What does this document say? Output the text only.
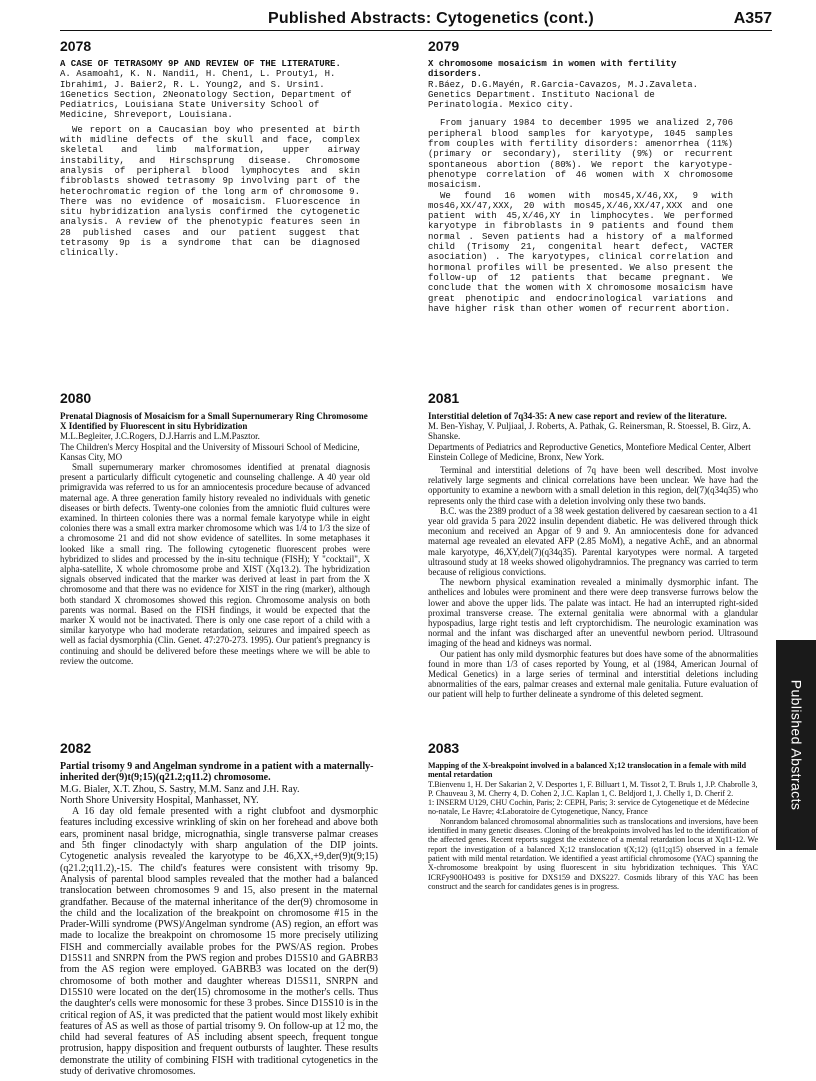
Published Abstracts: Cytogenetics (cont.)	A357
2078

A CASE OF TETRASOMY 9P AND REVIEW OF THE LITERATURE.

A. Asamoah1, K. N. Nandi1, H. Chen1, L. Prouty1, H. Ibrahim1, J. Baier2, R. L. Young2, and S. Ursin1.

1Genetics Section, 2Neonatology Section, Department of Pediatrics, Louisiana State University School of Medicine, Shreveport, Louisiana.

We report on a Caucasian boy who presented at birth with midline defects of the skull and face, complex skeletal and limb malformation, upper airway instability, and Hirschsprung disease. Chromosome analysis of peripheral blood lymphocytes and skin fibroblasts showed tetrasomy 9p involving part of the heterochromatic region of the long arm of chromosome 9. There was no evidence of mosaicism. Fluorescence in situ hybridization analysis confirmed the cytogenetic analysis. A review of the phenotypic features seen in 28 published cases and our patient suggest that tetrasomy 9p is a syndrome that can be diagnosed clinically.

2079

X chromosome mosaicism in women with fertility disorders.

R.Báez, D.G.Mayén, R.Garcia-Cavazos, M.J.Zavaleta.

Genetics Department. Instituto Nacional de Perinatología. Mexico city.

From january 1984 to december 1995 we analized 2,706 peripheral blood samples for karyotype, 1045 samples from couples with fertility disorders: amenorrhea (11%) (primary or secondary), sterility (9%) or recurrent spontaneous abortion (80%). We report the karyotype-phenotype correlation of 46 women with X chromosome mosaicism.

We found 16 women with mos45,X/46,XX, 9 with mos46,XX/47,XXX, 20 with mos45,X/46,XX/47,XXX and one patient with 45,X/46,XY in limphocytes. We performed karyotype in fibroblasts in 9 patients and found them normal . Seven patients had a history of a malformed child (Trisomy 21, congenital heart defect, VACTER asociation) . The karyotypes, clinical correlation and hormonal profiles will be presented. We also present the follow-up of 12 patients that became pregnant. We conclude that the women with X chromosome mosaicism have great phenotipic and endocrinological variations and have higher risk than other women of recurrent abortion.

2080

Prenatal Diagnosis of Mosaicism for a Small Supernumerary Ring Chromosome X Identified by Fluorescent in situ Hybridization

M.L.Begleiter, J.C.Rogers, D.J.Harris and L.M.Pasztor.

The Children's Mercy Hospital and the University of Missouri School of Medicine, Kansas City, MO

Small supernumerary marker chromosomes identified at prenatal diagnosis present a particularly difficult cytogenetic and counseling challenge. A 40 year old primigravida was referred to us for an amniocentesis procedure because of advanced maternal age. A three generation family history revealed no individuals with genetic diseases or birth defects. Twenty-one colonies from the amniotic fluid cultures were examined. In thirteen colonies there was a normal female karyotype while in eight colonies there was a small extra marker chromosome which was 1/4 to 1/3 the size of a chromosome 21 and did not show evidence of satellites. In some metaphases it looked like a small ring. The following cytogenetic fluorescent probes were hybridized to slides and processed by the in-situ technique (FISH); Y "cocktail", X alpha-satellite, X whole chromosome probe and XIST (Xq13.2). The hybridization signals observed indicated that the marker was derived at least in part from the X chromosome and that there was no evidence for XIST in the ring (marker), although both standard X chromosomes showed this region. Chromosome analysis on both parents was normal. Based on the FISH findings, it would be expected that the marker X would not be inactivated. There is only one case report of a child with a similar karyotype who had moderate retardation, seizures and impaired speech as well as facial dysmorphia (Clin. Genet. 47:270-273. 1995). Our patient's pregnancy is continuing and should be delivered before these meetings where we will be able to review the outcome.

2081

Interstitial deletion of 7q34-35: A new case report and review of the literature.

M. Ben-Yishay, V. Puljiaal, J. Roberts, A. Pathak, G. Reinersman, R. Stoessel, B. Girz, A. Shanske.

Departments of Pediatrics and Reproductive Genetics, Montefiore Medical Center, Albert Einstein College of Medicine, Bronx, New York.

Terminal and interstitial deletions of 7q have been well described. Most involve relatively large segments and clinical correlations have been unclear. We have had the opportunity to examine a newborn with a small deletion in this region, del(7)(q34q35) who represents only the third case with a deletion involving only these two bands.

B.C. was the 2389 product of a 38 week gestation delivered by caesarean section to a 41 year old gravida 5 para 2022 insulin dependent diabetic. He was delivered through thick meconium and received an Apgar of 9 and 9. An amniocentesis done for advanced maternal age revealed an elevated AFP (2.85 MoM), a negative AchE, and an abnormal male karyotype, 46,XY,del(7)(q34q35). Parental karyotypes were normal. A targeted ultrasound study at 18 weeks showed oligohydramnios. The pregnancy was carried to term because of religious convictions.

The newborn physical examination revealed a minimally dysmorphic infant. The anthelices and lobules were prominent and there were deep transverse furrows below the lower and above the upper lids. The palate was intact. He had an interrupted right-sided proximal transverse crease. The external genitalia were abnormal with a glandular hypospadius, large right testis and left cryptorchidism. The neurologic examination was normal and the infant was discharged after an uneventful newborn period. Ultrasound imaging of the head and kidneys was normal.

Our patient has only mild dysmorphic features but does have some of the abnormalities found in more than 1/3 of cases reported by Young, et al (1984, American Journal of Medical Genetics) in a large series of terminal and interstitial deletions including abnormalities of the ears, palmar creases and external male genitalia. Future evaluation of our patient will help to further delineate a syndrome of this deleted segment.

2082

Partial trisomy 9 and Angelman syndrome in a patient with a maternally-inherited der(9)t(9;15)(q21.2;q11.2) chromosome.

M.G. Bialer, X.T. Zhou, S. Sastry, M.M. Sanz and J.H. Ray.

North Shore University Hospital, Manhasset, NY.

A 16 day old female presented with a right clubfoot and dysmorphic features including excessive wrinkling of skin on her forehead and above both ears, prominent nasal bridge, micrognathia, single transverse palmar creases and 5th finger clinodactyly with sharp angulation of the DIP joints. Cytogenetic analysis revealed the karyotype to be 46,XX,+9,der(9)t(9;15)(q21.2;q11.2),-15. The child's features were consistent with trisomy 9p. Analysis of parental blood samples revealed that the mother had a balanced translocation between chromosomes 9 and 15, also present in the maternal grandfather. Because of the maternal inheritance of the der(9) chromosome in the child and the localization of the breakpoint on chromosome #15 in the Prader-Willi syndrome (PWS)/Angelman syndrome (AS) region, an effort was made to localize the breakpoint on chromosome 15 more precisely utilizing FISH and commercially available probes for the PWS/AS region. Probes D15S11 and SNRPN from the PWS region and probes D15S10 and GABRB3 from the AS region were employed. GABRB3 was located on the der(9) chromosome of both mother and daughter whereas D15S11, SNRPN and D15S10 were located on the der(15) chromosome in the mother's cells. Thus the daughter's cells were monosomic for these 3 probes. Since D15S10 is in the critical region of AS, it was predicted that the patient would most likely exhibit features of AS as well as those of partial trisomy 9. On follow-up at 12 mo, the child had several features of AS including absent speech, frequent tongue protrusion, happy disposition and frequent outbursts of laughter. These results demonstrate the utility of combining FISH with traditional cytogenetics in the study of derivative chromosomes.

2083

Mapping of the X-breakpoint involved in a balanced X;12 translocation in a female with mild mental retardation

T.Bienvenu 1, H. Der Sakarian 2, V. Desportes 1, F. Billuart 1, M. Tissot 2, T. Bruls 1, J.P. Chabrolle 3, P. Chauveau 3, M. Cherry 4, D. Cohen 2, J.C. Kaplan 1, C. Beldjord 1, J. Chelly 1, D. Cherif 2.

1: INSERM U129, CHU Cochin, Paris; 2: CEPH, Paris; 3: service de Cytogenetique et de Médecine no-natale, Le Havre; 4:Laboratoire de Cytogenetique, Nancy, France

Nonrandom balanced chromosomal abnormalities such as translocations and inversions, have been identified in many genetic diseases. Cloning of the breakpoints involved has led to the identification of the affected genes. Recent reports suggest the existence of a mental retardation locus at Xq11-12. We report the investigation of a balanced X;12 translocation t(X;12) (q11;q15) observed in a female patient with mild mental retardation. We identified a yeast artificial chromosome (YAC) spanning the X-chromosome breakpoint by using fluorescent in situ hybridization techniques. This YAC ICRFy900HO493 is positive for DXS159 and DXS227. Cosmids library of this YAC has been construct and the search for candidates genes is in progress.

Published Abstracts
